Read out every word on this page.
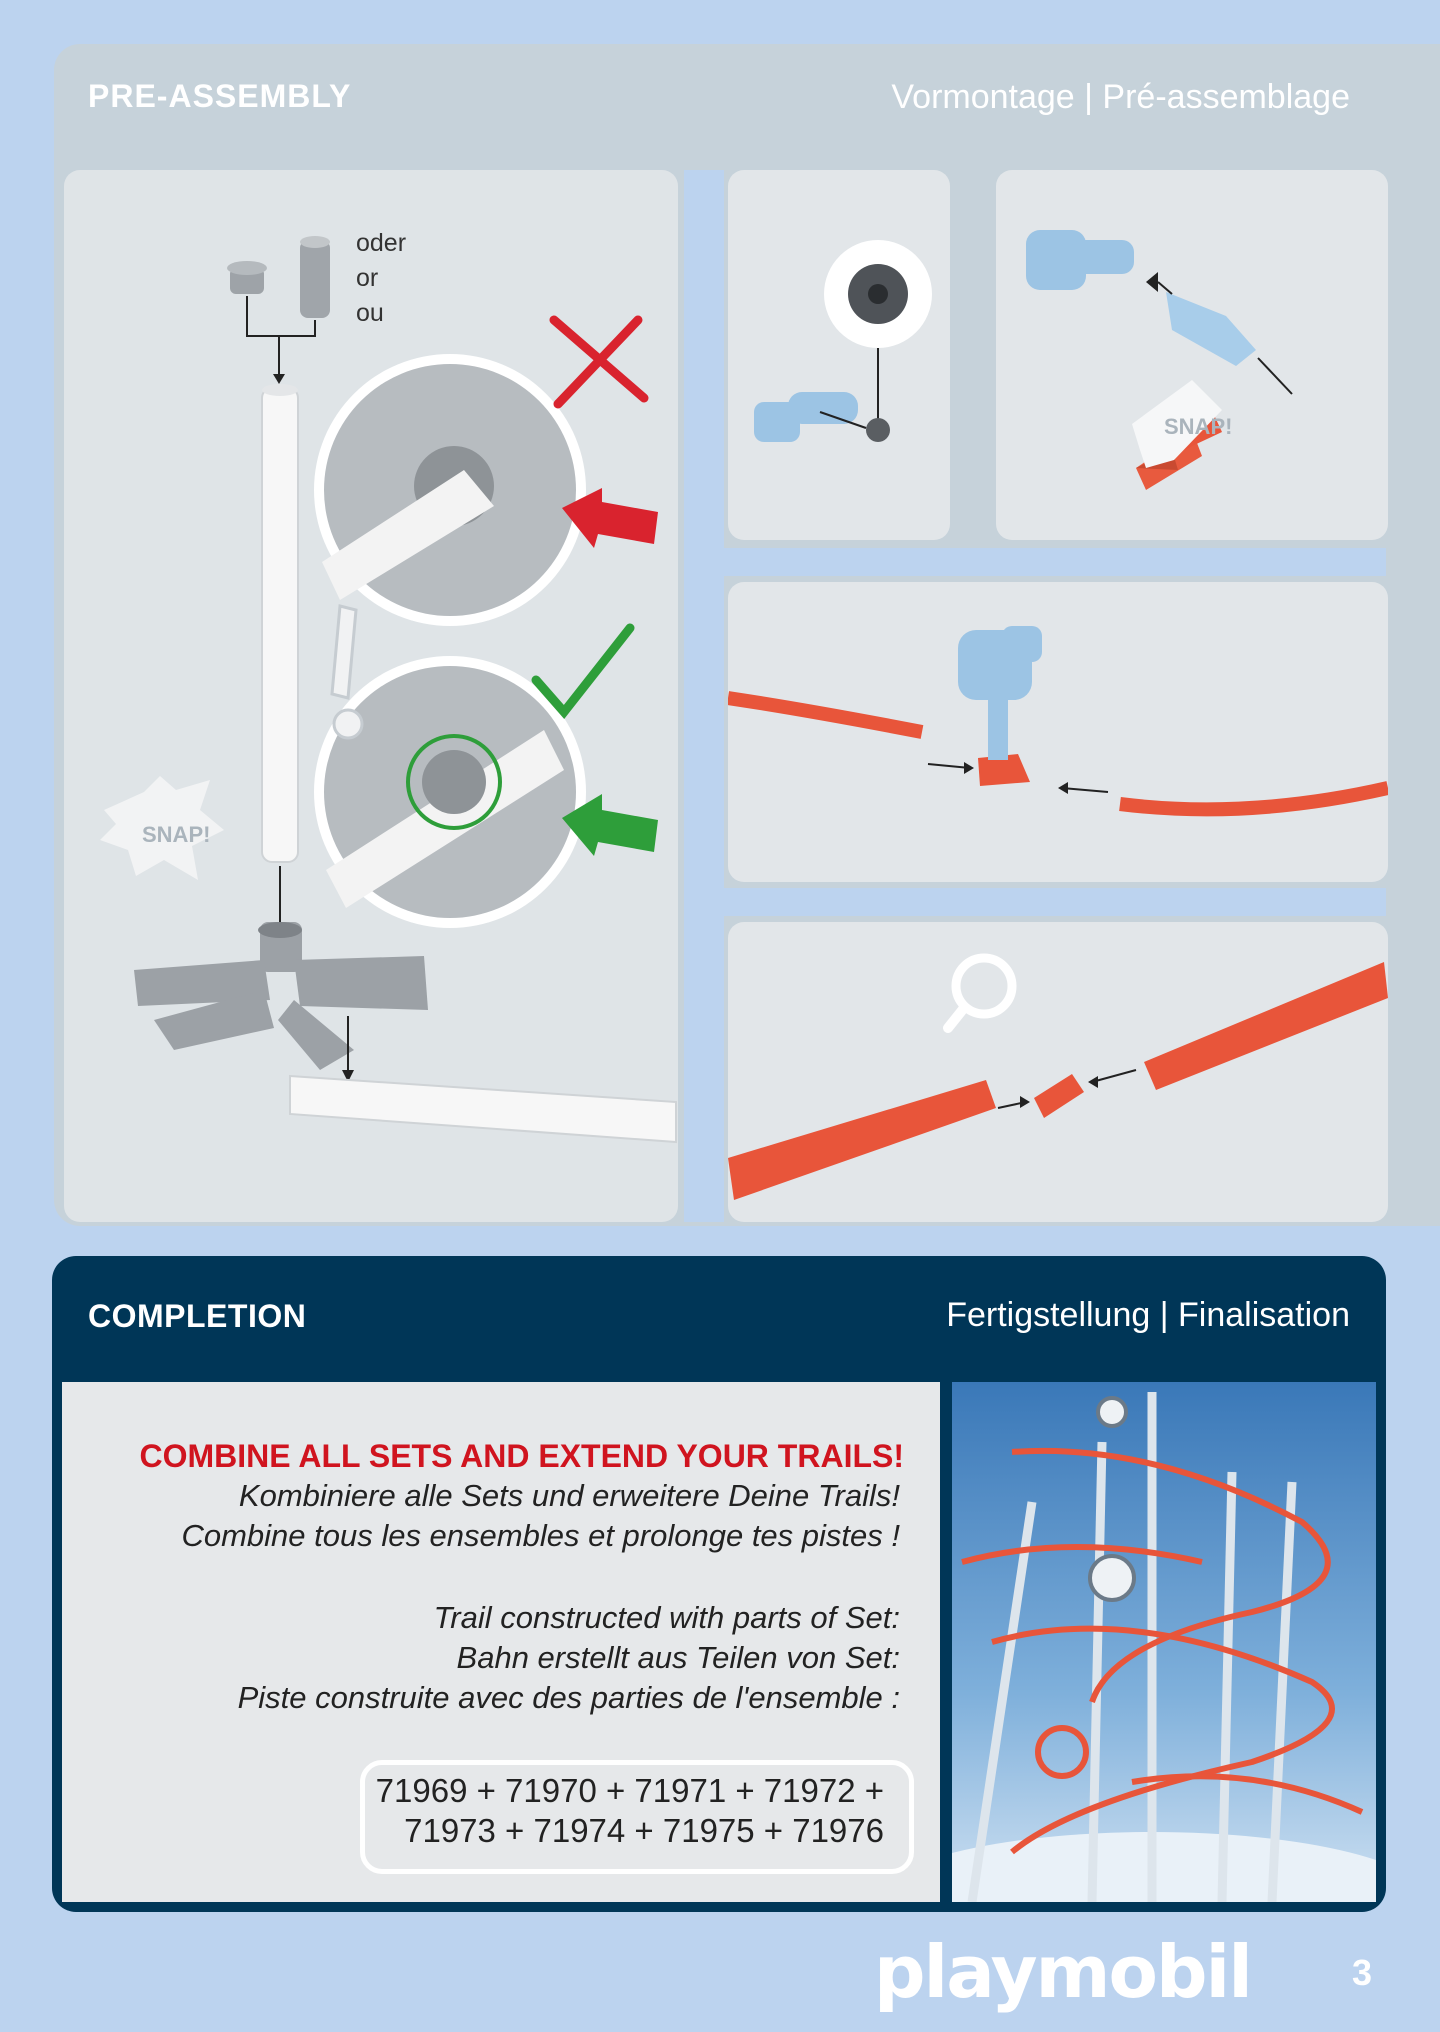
PRE-ASSEMBLY	Vormontage | Pré-assemblage
oder
or
ou
SNAP!
SNAP!
COMPLETION	Fertigstellung | Finalisation
COMBINE ALL SETS AND EXTEND YOUR TRAILS!
Kombiniere alle Sets und erweitere Deine Trails!
Combine tous les ensembles et prolonge tes pistes !
Trail constructed with parts of Set:
Bahn erstellt aus Teilen von Set:
Piste construite avec des parties de l'ensemble :
71969 + 71970 + 71971 + 71972 +
71973 + 71974 + 71975 + 71976
playmobil	3
